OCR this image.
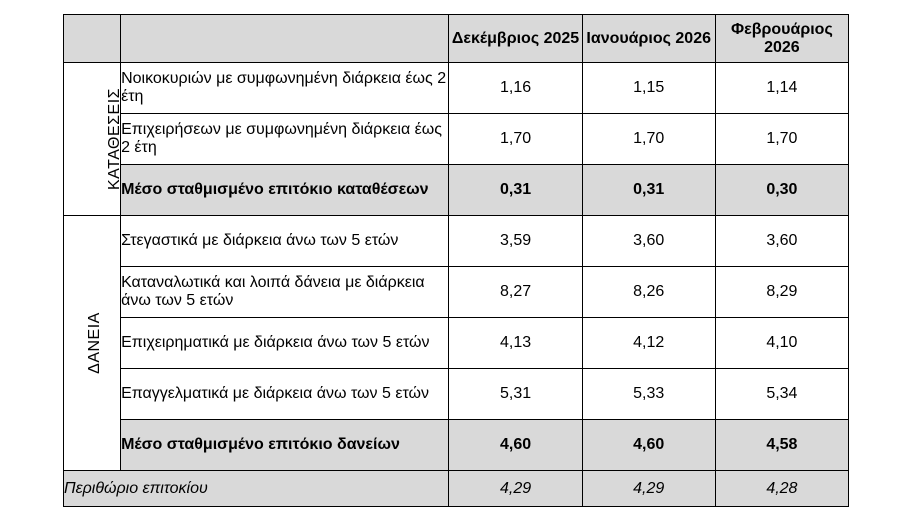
		Δεκέμβριος 2025	Ιανουάριος 2026	Φεβρουάριος 2026
ΚΑΤΑΘΕΣΕΙΣ	Νοικοκυριών με συμφωνημένη διάρκεια έως 2 έτη	1,16	1,15	1,14
	Επιχειρήσεων με συμφωνημένη διάρκεια έως 2 έτη	1,70	1,70	1,70
	Μέσο σταθμισμένο επιτόκιο καταθέσεων	0,31	0,31	0,30
ΔΑΝΕΙΑ	Στεγαστικά με διάρκεια άνω των 5 ετών	3,59	3,60	3,60
	Καταναλωτικά και λοιπά δάνεια με διάρκεια άνω των 5 ετών	8,27	8,26	8,29
	Επιχειρηματικά με διάρκεια άνω των 5 ετών	4,13	4,12	4,10
	Επαγγελματικά με διάρκεια άνω των 5 ετών	5,31	5,33	5,34
	Μέσο σταθμισμένο επιτόκιο δανείων	4,60	4,60	4,58
Περιθώριο επιτοκίου		4,29	4,29	4,28
